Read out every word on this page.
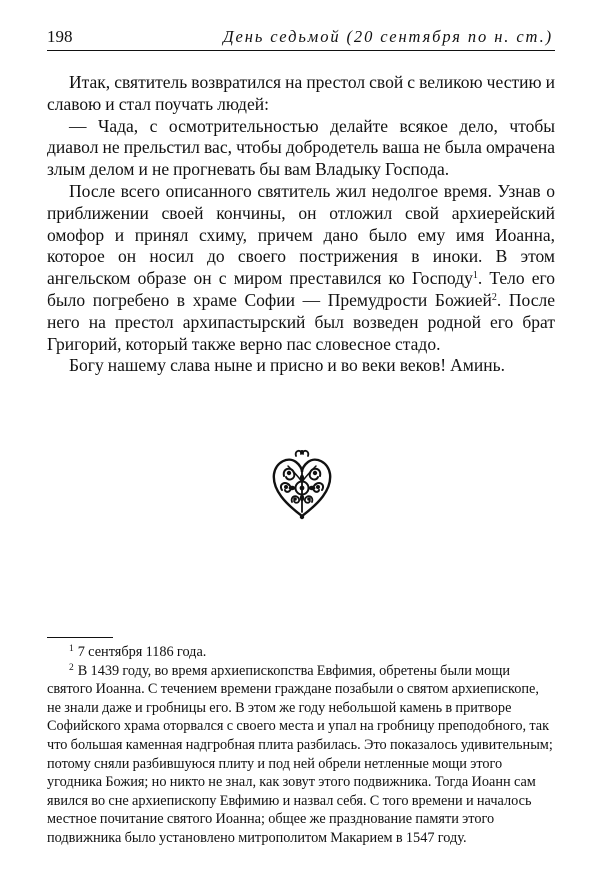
198	День седьмой (20 сентября по н. ст.)

Итак, святитель возвратился на престол свой с великою честию и славою и стал поучать людей:

— Чада, с осмотрительностью делайте всякое дело, чтобы диавол не прельстил вас, чтобы добродетель ваша не была омрачена злым делом и не прогневать бы вам Владыку Господа.

После всего описанного святитель жил недолгое время. Узнав о приближении своей кончины, он отложил свой архиерейский омофор и принял схиму, причем дано было ему имя Иоанна, которое он носил до своего пострижения в иноки. В этом ангельском образе он с миром преставился ко Господу$^1$. Тело его было погребено в храме Софии — Премудрости Божией$^2$. После него на престол архипастырский был возведен родной его брат Григорий, который также верно пас словесное стадо.

Богу нашему слава ныне и присно и во веки веков! Аминь.

$^1$ 7 сентября 1186 года.

$^2$ В 1439 году, во время архиепископства Евфимия, обретены были мощи святого Иоанна. С течением времени граждане позабыли о святом архиепископе, не знали даже и гробницы его. В этом же году небольшой камень в притворе Софийского храма оторвался с своего места и упал на гробницу преподобного, так что большая каменная надгробная плита разбилась. Это показалось удивительным; потому сняли разбившуюся плиту и под ней обрели нетленные мощи этого угодника Божия; но никто не знал, как зовут этого подвижника. Тогда Иоанн сам явился во сне архиепископу Евфимию и назвал себя. С того времени и началось местное почитание святого Иоанна; общее же празднование памяти этого подвижника было установлено митрополитом Макарием в 1547 году.
